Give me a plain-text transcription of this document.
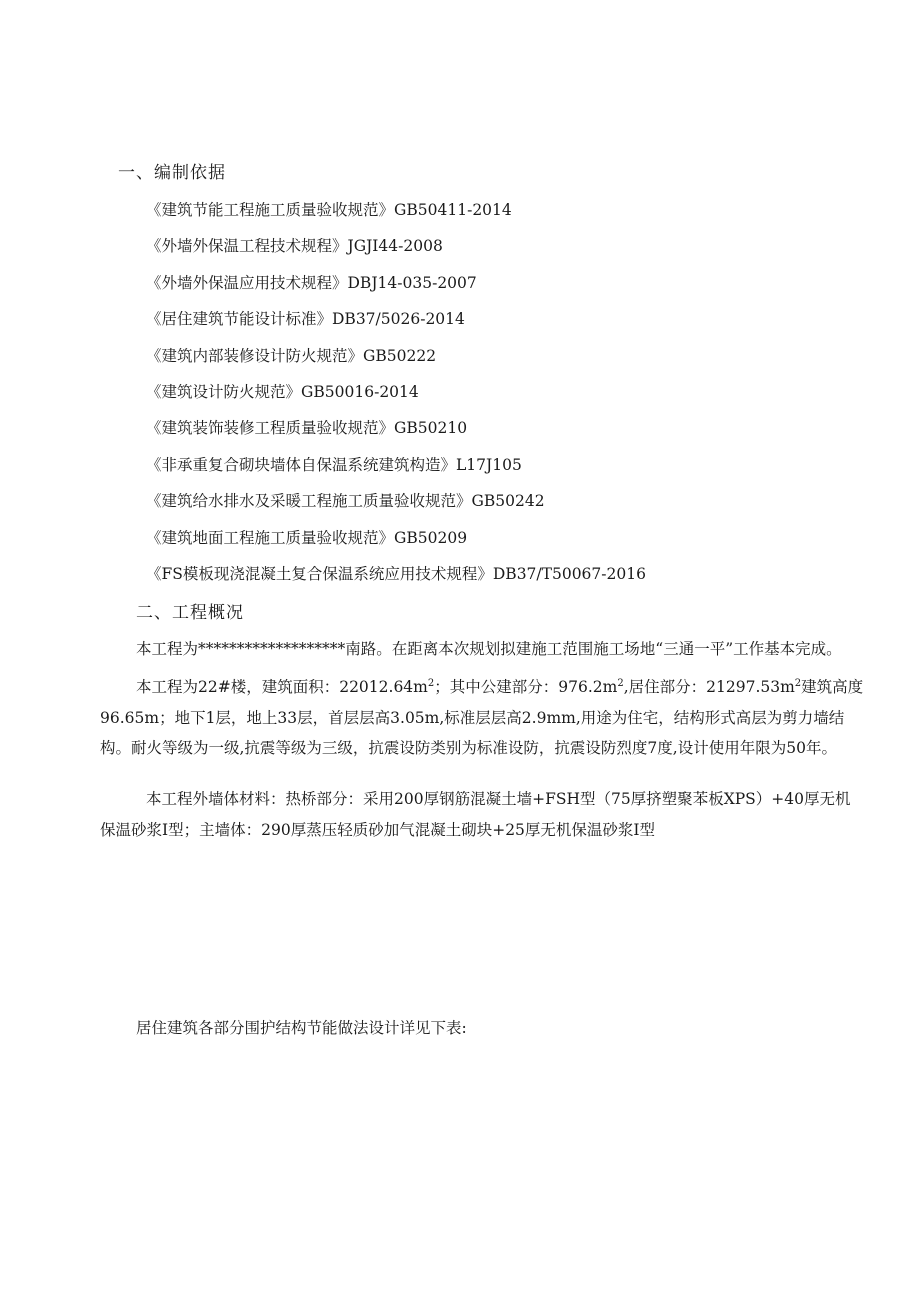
一、编制依据
《建筑节能工程施工质量验收规范》GB50411-2014
《外墙外保温工程技术规程》JGJI44-2008
《外墙外保温应用技术规程》DBJ14-035-2007
《居住建筑节能设计标准》DB37/5026-2014
《建筑内部装修设计防火规范》GB50222
《建筑设计防火规范》GB50016-2014
《建筑装饰装修工程质量验收规范》GB50210
《非承重复合砌块墙体自保温系统建筑构造》L17J105
《建筑给水排水及采暖工程施工质量验收规范》GB50242
《建筑地面工程施工质量验收规范》GB50209
《FS模板现浇混凝土复合保温系统应用技术规程》DB37/T50067-2016
二、工程概况
本工程为*******************南路。在距离本次规划拟建施工范围施工场地“三通一平”工作基本完成。
本工程为22#楼，建筑面积：$22012.64m^2$；其中公建部分：$976.2m^2$,居住部分：$21297.53m^2$建筑高度
96.65m；地下1层，地上33层，首层层高3.05m,标准层层高2.9mm,用途为住宅，结构形式高层为剪力墙结
构。耐火等级为一级,抗震等级为三级，抗震设防类别为标准设防，抗震设防烈度7度,设计使用年限为50年。
本工程外墙体材料：热桥部分：采用200厚钢筋混凝土墙+FSH型（75厚挤塑聚苯板XPS）+40厚无机
保温砂浆Ⅰ型；主墙体：290厚蒸压轻质砂加气混凝土砌块+25厚无机保温砂浆Ⅰ型
居住建筑各部分围护结构节能做法设计详见下表:
